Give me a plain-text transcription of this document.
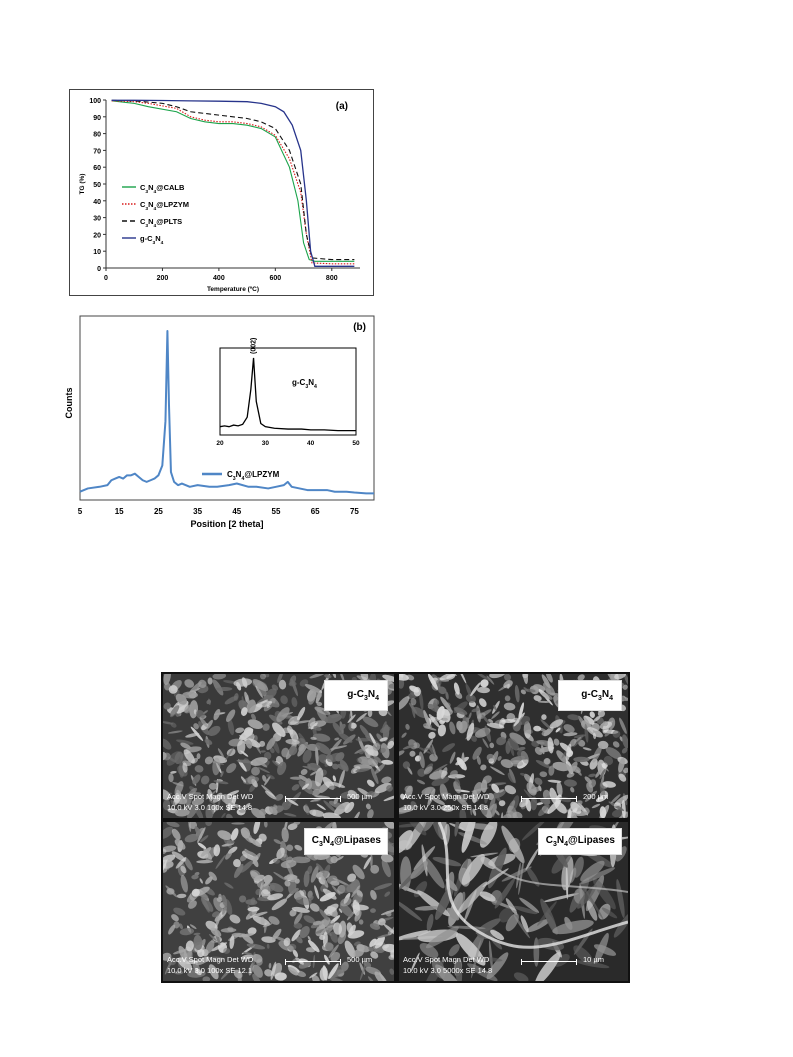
0
10
20
30
40
50
60
70
80
90
100
0	200	400	600	800
Temperature (ºC)
TG (%)
(a)
$C_3N_4@CALB$
$C_3N_4@LPZYM$
$C_3N_4@PLTS$
$g-C_3N_4$
5	15	25	35	45	55	65	75
Position [2 theta]
Counts
(b)
$C_3N_4@LPZYM$
20	30	40	50
(002)
$g-C_3N_4$
$g-C_3N_4$
Acc.V Spot Magn Det WD
10.0 kV 3.0 100x SE 14.8
500 µm
$g-C_3N_4$
Acc.V Spot Magn Det WD
10.0 kV 3.0 250x SE 14.8
200 µm
$C_3N_4@Lipases$
Acc.V Spot Magn Det WD
10.0 kV 3.0 100x SE 12.1
500 µm
$C_3N_4@Lipases$
Acc.V Spot Magn Det WD
10.0 kV 3.0 5000x SE 14.8
10 µm
